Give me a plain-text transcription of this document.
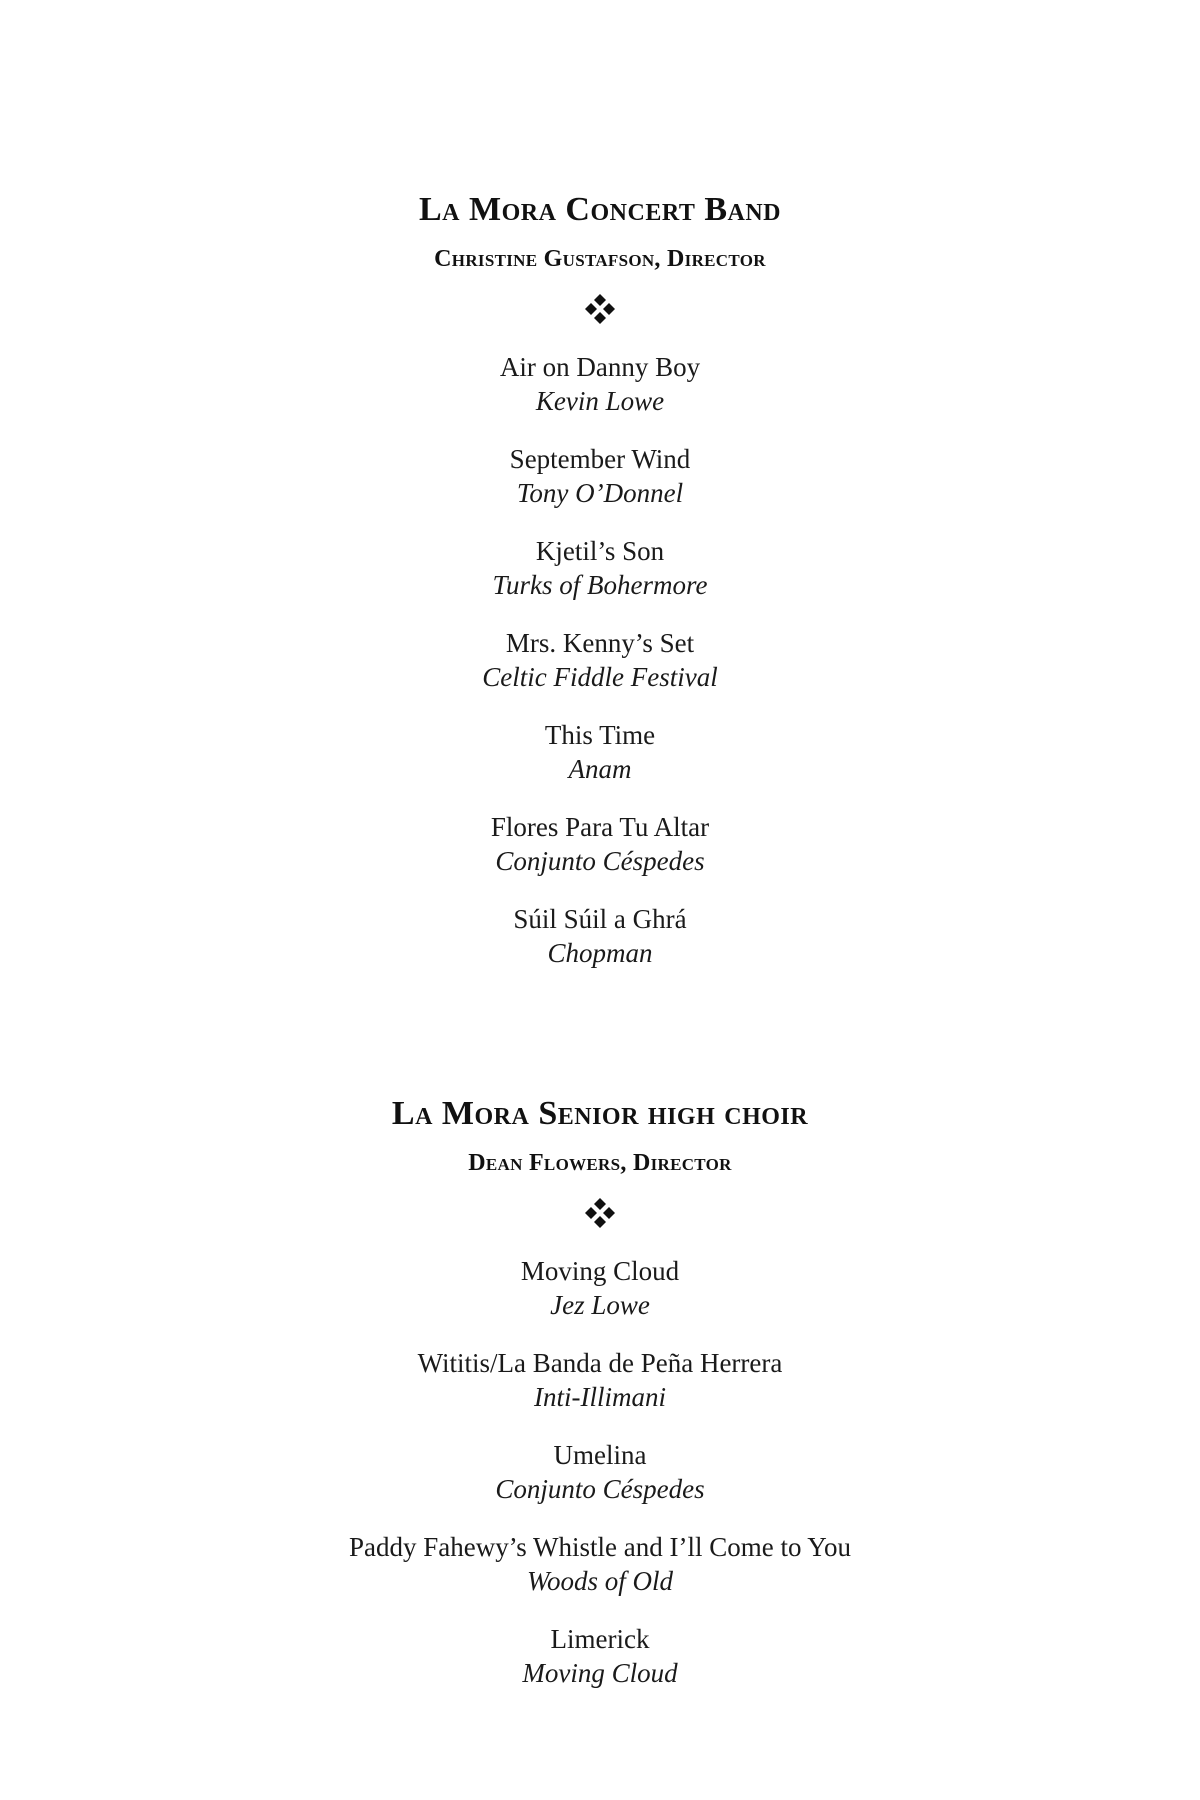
La Mora Concert Band
Christine Gustafson, Director
Air on Danny Boy
Kevin Lowe
September Wind
Tony O’Donnel
Kjetil’s Son
Turks of Bohermore
Mrs. Kenny’s Set
Celtic Fiddle Festival
This Time
Anam
Flores Para Tu Altar
Conjunto Céspedes
Súil Súil a Ghrá
Chopman
La Mora Senior high choir
Dean Flowers, Director
Moving Cloud
Jez Lowe
Wititis/La Banda de Peña Herrera
Inti-Illimani
Umelina
Conjunto Céspedes
Paddy Fahewy’s Whistle and I’ll Come to You
Woods of Old
Limerick
Moving Cloud
